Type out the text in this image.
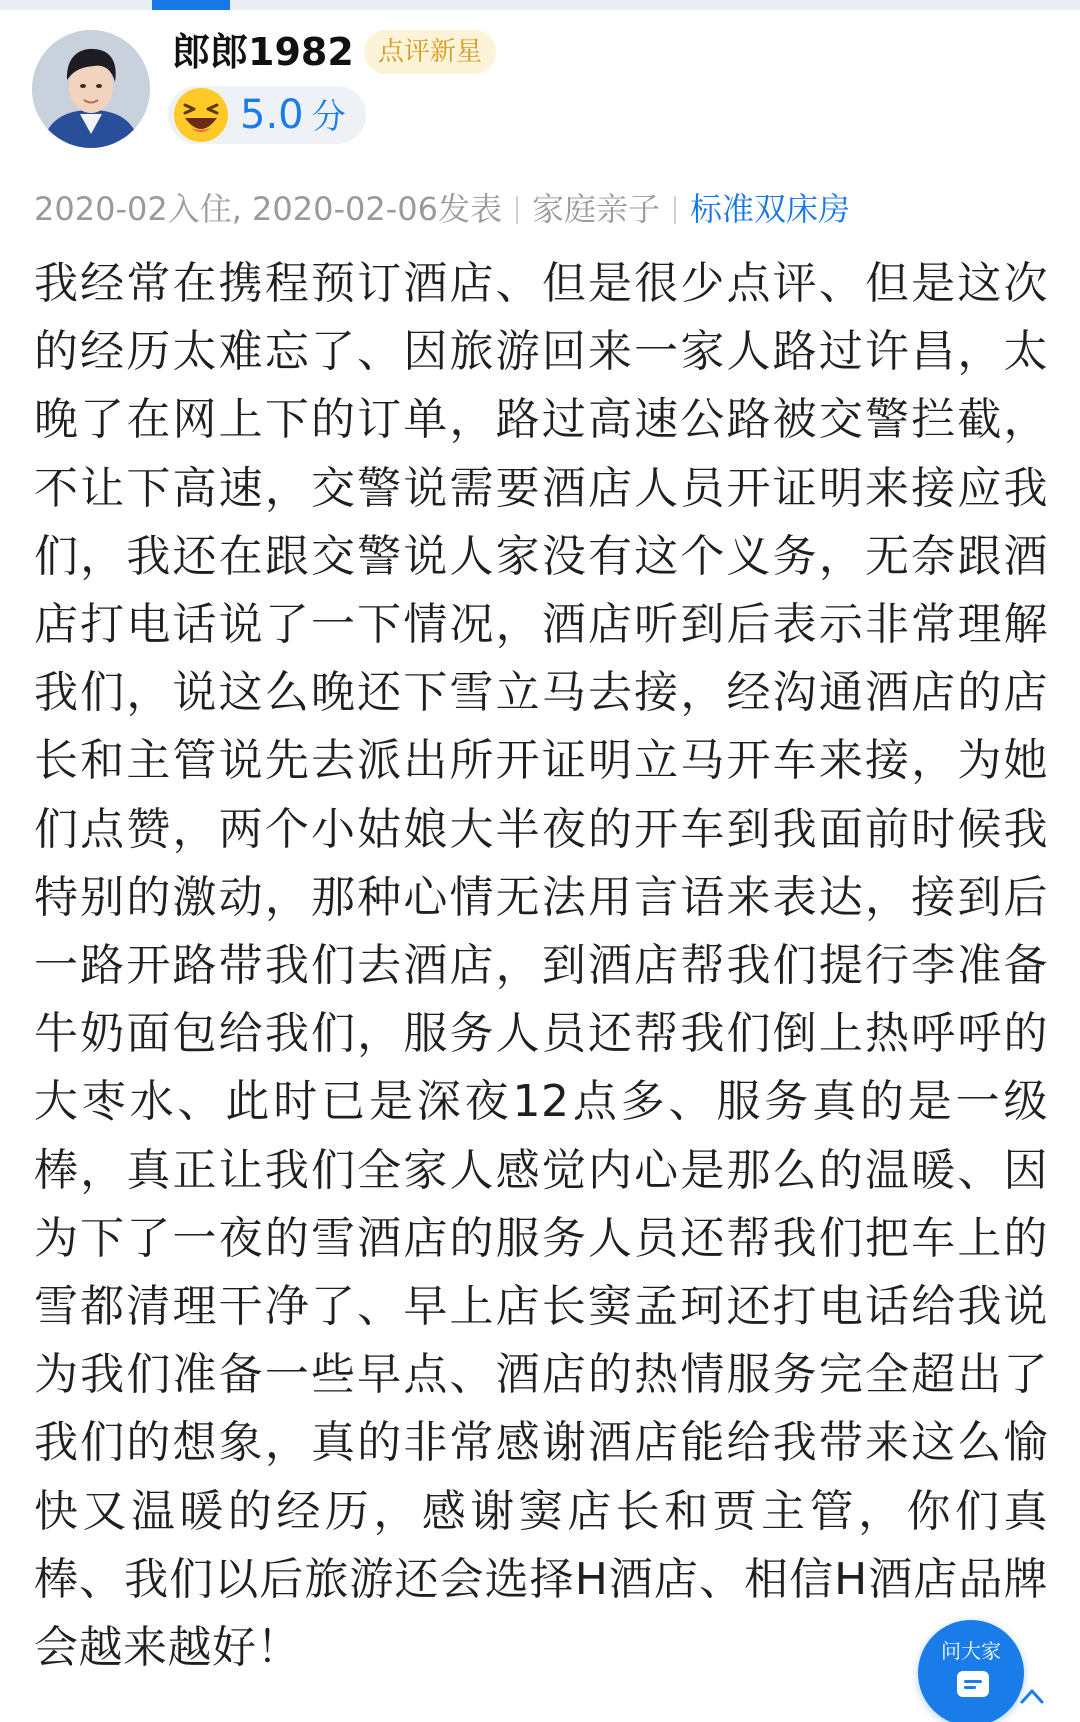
郎郎1982 点评新星
5.0 分
2020-02入住, 2020-02-06发表 家庭亲子 标准双床房
我经常在携程预订酒店、但是很少点评、但是这次的经历太难忘了、因旅游回来一家人路过许昌，太晚了在网上下的订单，路过高速公路被交警拦截，不让下高速，交警说需要酒店人员开证明来接应我们，我还在跟交警说人家没有这个义务，无奈跟酒店打电话说了一下情况，酒店听到后表示非常理解我们，说这么晚还下雪立马去接，经沟通酒店的店长和主管说先去派出所开证明立马开车来接，为她们点赞，两个小姑娘大半夜的开车到我面前时候我特别的激动，那种心情无法用言语来表达，接到后一路开路带我们去酒店，到酒店帮我们提行李准备牛奶面包给我们，服务人员还帮我们倒上热呼呼的大枣水、此时已是深夜12点多、服务真的是一级棒，真正让我们全家人感觉内心是那么的温暖、因为下了一夜的雪酒店的服务人员还帮我们把车上的雪都清理干净了、早上店长窦孟珂还打电话给我说为我们准备一些早点、酒店的热情服务完全超出了我们的想象，真的非常感谢酒店能给我带来这么愉快又温暖的经历，感谢窦店长和贾主管，你们真棒、我们以后旅游还会选择H酒店、相信H酒店品牌会越来越好！	问大家
